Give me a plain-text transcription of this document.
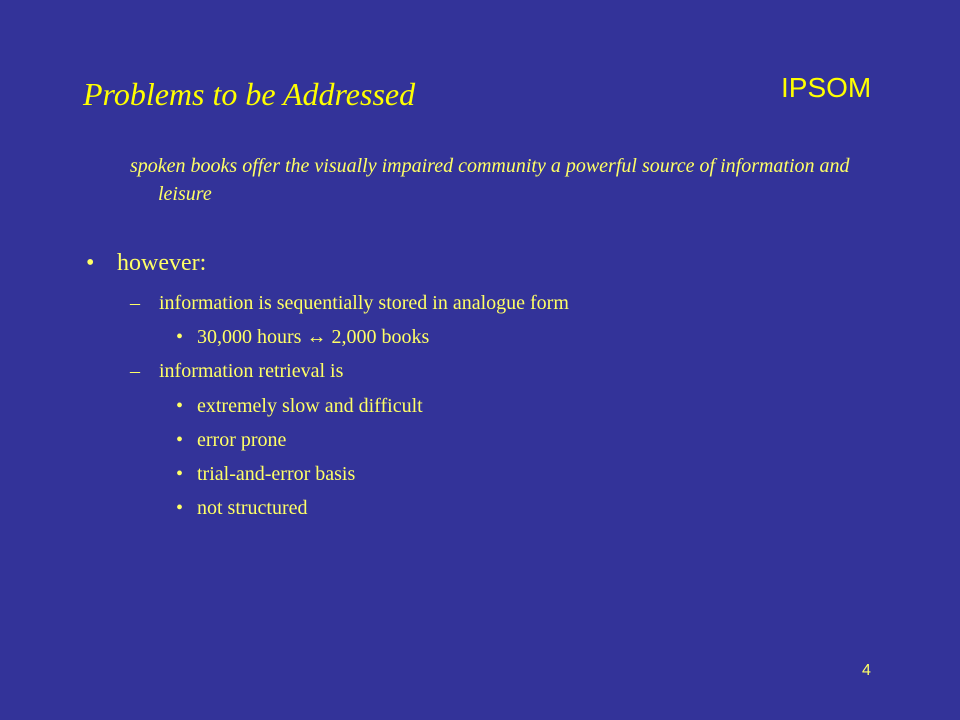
Problems to be Addressed	IPSOM
spoken books offer the visually impaired community a powerful source of information and leisure
• however:
– information is sequentially stored in analogue form
• 30,000 hours ↔ 2,000 books
– information retrieval is
• extremely slow and difficult
• error prone
• trial-and-error basis
• not structured
4
